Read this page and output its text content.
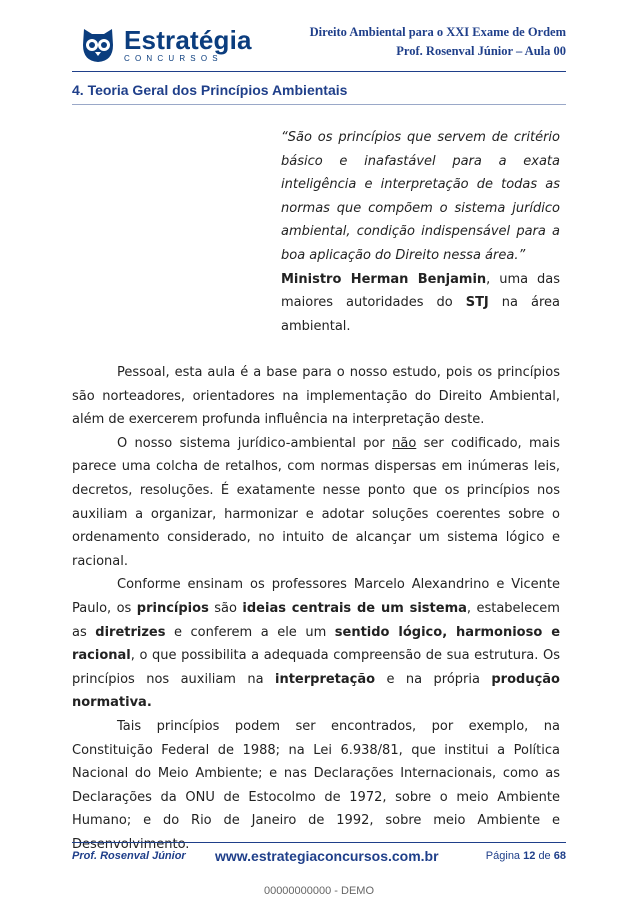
Estratégia
CONCURSOS
Direito Ambiental para o XXI Exame de Ordem
Prof. Rosenval Júnior – Aula 00
4. Teoria Geral dos Princípios Ambientais
“São os princípios que servem de critério básico e inafastável para a exata inteligência e interpretação de todas as normas que compõem o sistema jurídico ambiental, condição indispensável para a boa aplicação do Direito nessa área.”
Ministro Herman Benjamin, uma das maiores autoridades do STJ na área ambiental.

Pessoal, esta aula é a base para o nosso estudo, pois os princípios são norteadores, orientadores na implementação do Direito Ambiental, além de exercerem profunda influência na interpretação deste.

O nosso sistema jurídico-ambiental por não ser codificado, mais parece uma colcha de retalhos, com normas dispersas em inúmeras leis, decretos, resoluções. É exatamente nesse ponto que os princípios nos auxiliam a organizar, harmonizar e adotar soluções coerentes sobre o ordenamento considerado, no intuito de alcançar um sistema lógico e racional.

Conforme ensinam os professores Marcelo Alexandrino e Vicente Paulo, os princípios são ideias centrais de um sistema, estabelecem as diretrizes e conferem a ele um sentido lógico, harmonioso e racional, o que possibilita a adequada compreensão de sua estrutura. Os princípios nos auxiliam na interpretação e na própria produção normativa.

Tais princípios podem ser encontrados, por exemplo, na Constituição Federal de 1988; na Lei 6.938/81, que institui a Política Nacional do Meio Ambiente; e nas Declarações Internacionais, como as Declarações da ONU de Estocolmo de 1972, sobre o meio Ambiente Humano; e do Rio de Janeiro de 1992, sobre meio Ambiente e Desenvolvimento.

Prof. Rosenval Júnior www.estrategiaconcursos.com.br	Página 12 de 68
00000000000 - DEMO
